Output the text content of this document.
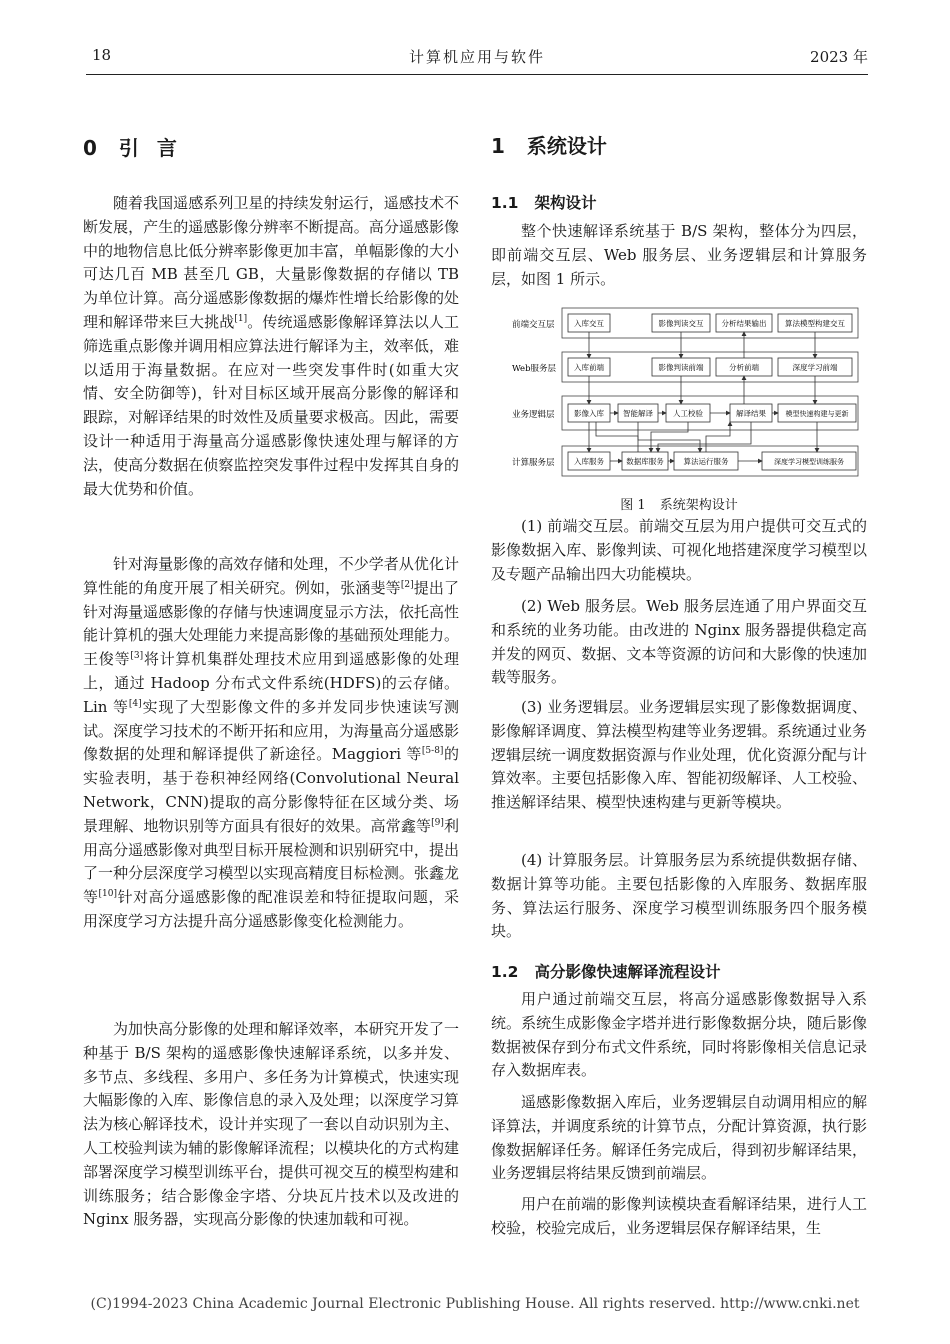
18	计算机应用与软件	2023 年
0 引言

随着我国遥感系列卫星的持续发射运行，遥感技术不断发展，产生的遥感影像分辨率不断提高。高分遥感影像中的地物信息比低分辨率影像更加丰富，单幅影像的大小可达几百 MB 甚至几 GB，大量影像数据的存储以 TB 为单位计算。高分遥感影像数据的爆炸性增长给影像的处理和解译带来巨大挑战[1]。传统遥感影像解译算法以人工筛选重点影像并调用相应算法进行解译为主，效率低，难以适用于海量数据。在应对一些突发事件时(如重大灾情、安全防御等)，针对目标区域开展高分影像的解译和跟踪，对解译结果的时效性及质量要求极高。因此，需要设计一种适用于海量高分遥感影像快速处理与解译的方法，使高分数据在侦察监控突发事件过程中发挥其自身的最大优势和价值。

针对海量影像的高效存储和处理，不少学者从优化计算性能的角度开展了相关研究。例如，张涵斐等[2]提出了针对海量遥感影像的存储与快速调度显示方法，依托高性能计算机的强大处理能力来提高影像的基础预处理能力。王俊等[3]将计算机集群处理技术应用到遥感影像的处理上，通过 Hadoop 分布式文件系统(HDFS)的云存储。Lin 等[4]实现了大型影像文件的多并发同步快速读写测试。深度学习技术的不断开拓和应用，为海量高分遥感影像数据的处理和解译提供了新途径。Maggiori 等[5-8]的实验表明，基于卷积神经网络(Convolutional Neural Network，CNN)提取的高分影像特征在区域分类、场景理解、地物识别等方面具有很好的效果。高常鑫等[9]利用高分遥感影像对典型目标开展检测和识别研究中，提出了一种分层深度学习模型以实现高精度目标检测。张鑫龙等[10]针对高分遥感影像的配准误差和特征提取问题，采用深度学习方法提升高分遥感影像变化检测能力。

为加快高分影像的处理和解译效率，本研究开发了一种基于 B/S 架构的遥感影像快速解译系统，以多并发、多节点、多线程、多用户、多任务为计算模式，快速实现大幅影像的入库、影像信息的录入及处理；以深度学习算法为核心解译技术，设计并实现了一套以自动识别为主、人工校验判读为辅的影像解译流程；以模块化的方式构建部署深度学习模型训练平台，提供可视交互的模型构建和训练服务；结合影像金字塔、分块瓦片技术以及改进的 Nginx 服务器，实现高分影像的快速加载和可视。

1 系统设计
1.1 架构设计

整个快速解译系统基于 B/S 架构，整体分为四层，即前端交互层、Web 服务层、业务逻辑层和计算服务层，如图 1 所示。

前端交互层
Web服务层
业务逻辑层
计算服务层
入库交互	影像判读交互 分析结果输出 算法模型构建交互
入库前端	影像判读前端	分析前端	深度学习前端
影像入库	智能解译	人工校验	解译结果	模型快速构建与更新
入库服务	数据库服务	算法运行服务	深度学习模型训练服务
图 1 系统架构设计

(1) 前端交互层。前端交互层为用户提供可交互式的影像数据入库、影像判读、可视化地搭建深度学习模型以及专题产品输出四大功能模块。

(2) Web 服务层。Web 服务层连通了用户界面交互和系统的业务功能。由改进的 Nginx 服务器提供稳定高并发的网页、数据、文本等资源的访问和大影像的快速加载等服务。

(3) 业务逻辑层。业务逻辑层实现了影像数据调度、影像解译调度、算法模型构建等业务逻辑。系统通过业务逻辑层统一调度数据资源与作业处理，优化资源分配与计算效率。主要包括影像入库、智能初级解译、人工校验、推送解译结果、模型快速构建与更新等模块。

(4) 计算服务层。计算服务层为系统提供数据存储、数据计算等功能。主要包括影像的入库服务、数据库服务、算法运行服务、深度学习模型训练服务四个服务模块。

1.2 高分影像快速解译流程设计

用户通过前端交互层，将高分遥感影像数据导入系统。系统生成影像金字塔并进行影像数据分块，随后影像数据被保存到分布式文件系统，同时将影像相关信息记录存入数据库表。

遥感影像数据入库后，业务逻辑层自动调用相应的解译算法，并调度系统的计算节点，分配计算资源，执行影像数据解译任务。解译任务完成后，得到初步解译结果，业务逻辑层将结果反馈到前端层。

用户在前端的影像判读模块查看解译结果，进行人工校验，校验完成后，业务逻辑层保存解译结果，生

(C)1994-2023 China Academic Journal Electronic Publishing House. All rights reserved. http://www.cnki.net
